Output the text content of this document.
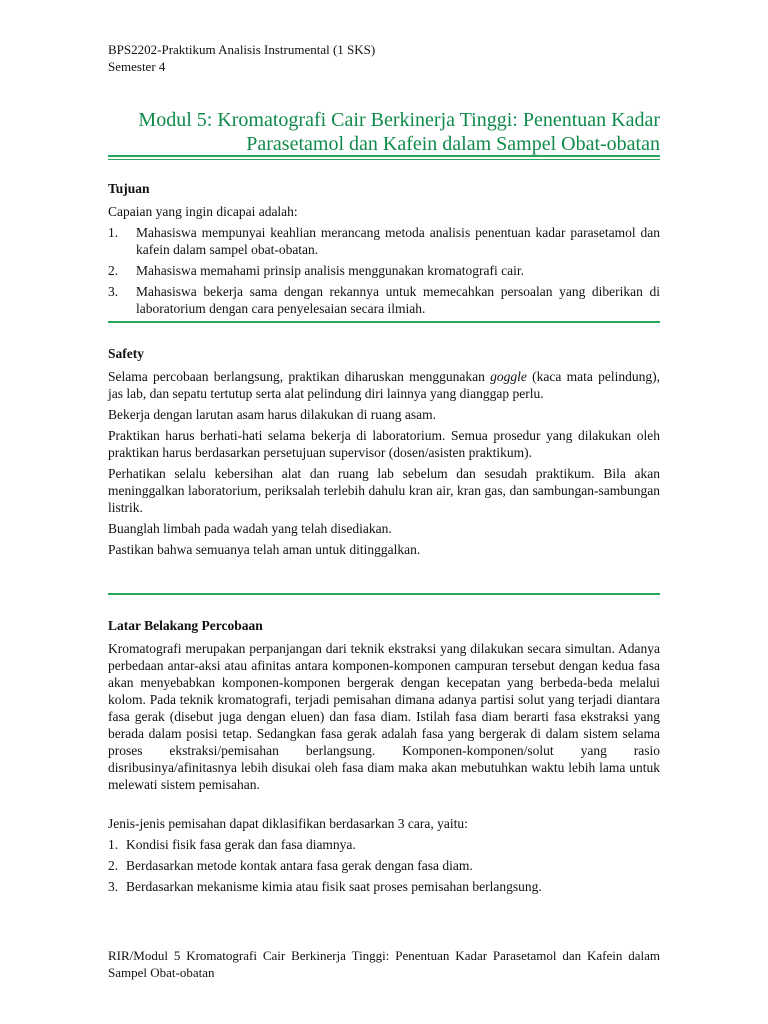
BPS2202-Praktikum Analisis Instrumental (1 SKS)
Semester 4
Modul 5: Kromatografi Cair Berkinerja Tinggi: Penentuan Kadar
Parasetamol dan Kafein dalam Sampel Obat-obatan
Tujuan

Capaian yang ingin dicapai adalah:

1. Mahasiswa mempunyai keahlian merancang metoda analisis penentuan kadar parasetamol dan kafein dalam sampel obat-obatan.
2. Mahasiswa memahami prinsip analisis menggunakan kromatografi cair.
3. Mahasiswa bekerja sama dengan rekannya untuk memecahkan persoalan yang diberikan di laboratorium dengan cara penyelesaian secara ilmiah.
Safety

Selama percobaan berlangsung, praktikan diharuskan menggunakan goggle (kaca mata pelindung), jas lab, dan sepatu tertutup serta alat pelindung diri lainnya yang dianggap perlu.

Bekerja dengan larutan asam harus dilakukan di ruang asam.

Praktikan harus berhati-hati selama bekerja di laboratorium. Semua prosedur yang dilakukan oleh praktikan harus berdasarkan persetujuan supervisor (dosen/asisten praktikum).

Perhatikan selalu kebersihan alat dan ruang lab sebelum dan sesudah praktikum. Bila akan meninggalkan laboratorium, periksalah terlebih dahulu kran air, kran gas, dan sambungan-sambungan listrik.

Buanglah limbah pada wadah yang telah disediakan.

Pastikan bahwa semuanya telah aman untuk ditinggalkan.

Latar Belakang Percobaan

Kromatografi merupakan perpanjangan dari teknik ekstraksi yang dilakukan secara simultan. Adanya perbedaan antar-aksi atau afinitas antara komponen-komponen campuran tersebut dengan kedua fasa akan menyebabkan komponen-komponen bergerak dengan kecepatan yang berbeda-beda melalui kolom. Pada teknik kromatografi, terjadi pemisahan dimana adanya partisi solut yang terjadi diantara fasa gerak (disebut juga dengan eluen) dan fasa diam. Istilah fasa diam berarti fasa ekstraksi yang berada dalam posisi tetap. Sedangkan fasa gerak adalah fasa yang bergerak di dalam sistem selama proses ekstraksi/pemisahan berlangsung. Komponen-komponen/solut yang rasio disribusinya/afinitasnya lebih disukai oleh fasa diam maka akan mebutuhkan waktu lebih lama untuk melewati sistem pemisahan.

Jenis-jenis pemisahan dapat diklasifikan berdasarkan 3 cara, yaitu:

1. Kondisi fisik fasa gerak dan fasa diamnya.
2. Berdasarkan metode kontak antara fasa gerak dengan fasa diam.
3. Berdasarkan mekanisme kimia atau fisik saat proses pemisahan berlangsung.
RIR/Modul 5 Kromatografi Cair Berkinerja Tinggi: Penentuan Kadar Parasetamol dan Kafein dalam Sampel Obat-obatan
